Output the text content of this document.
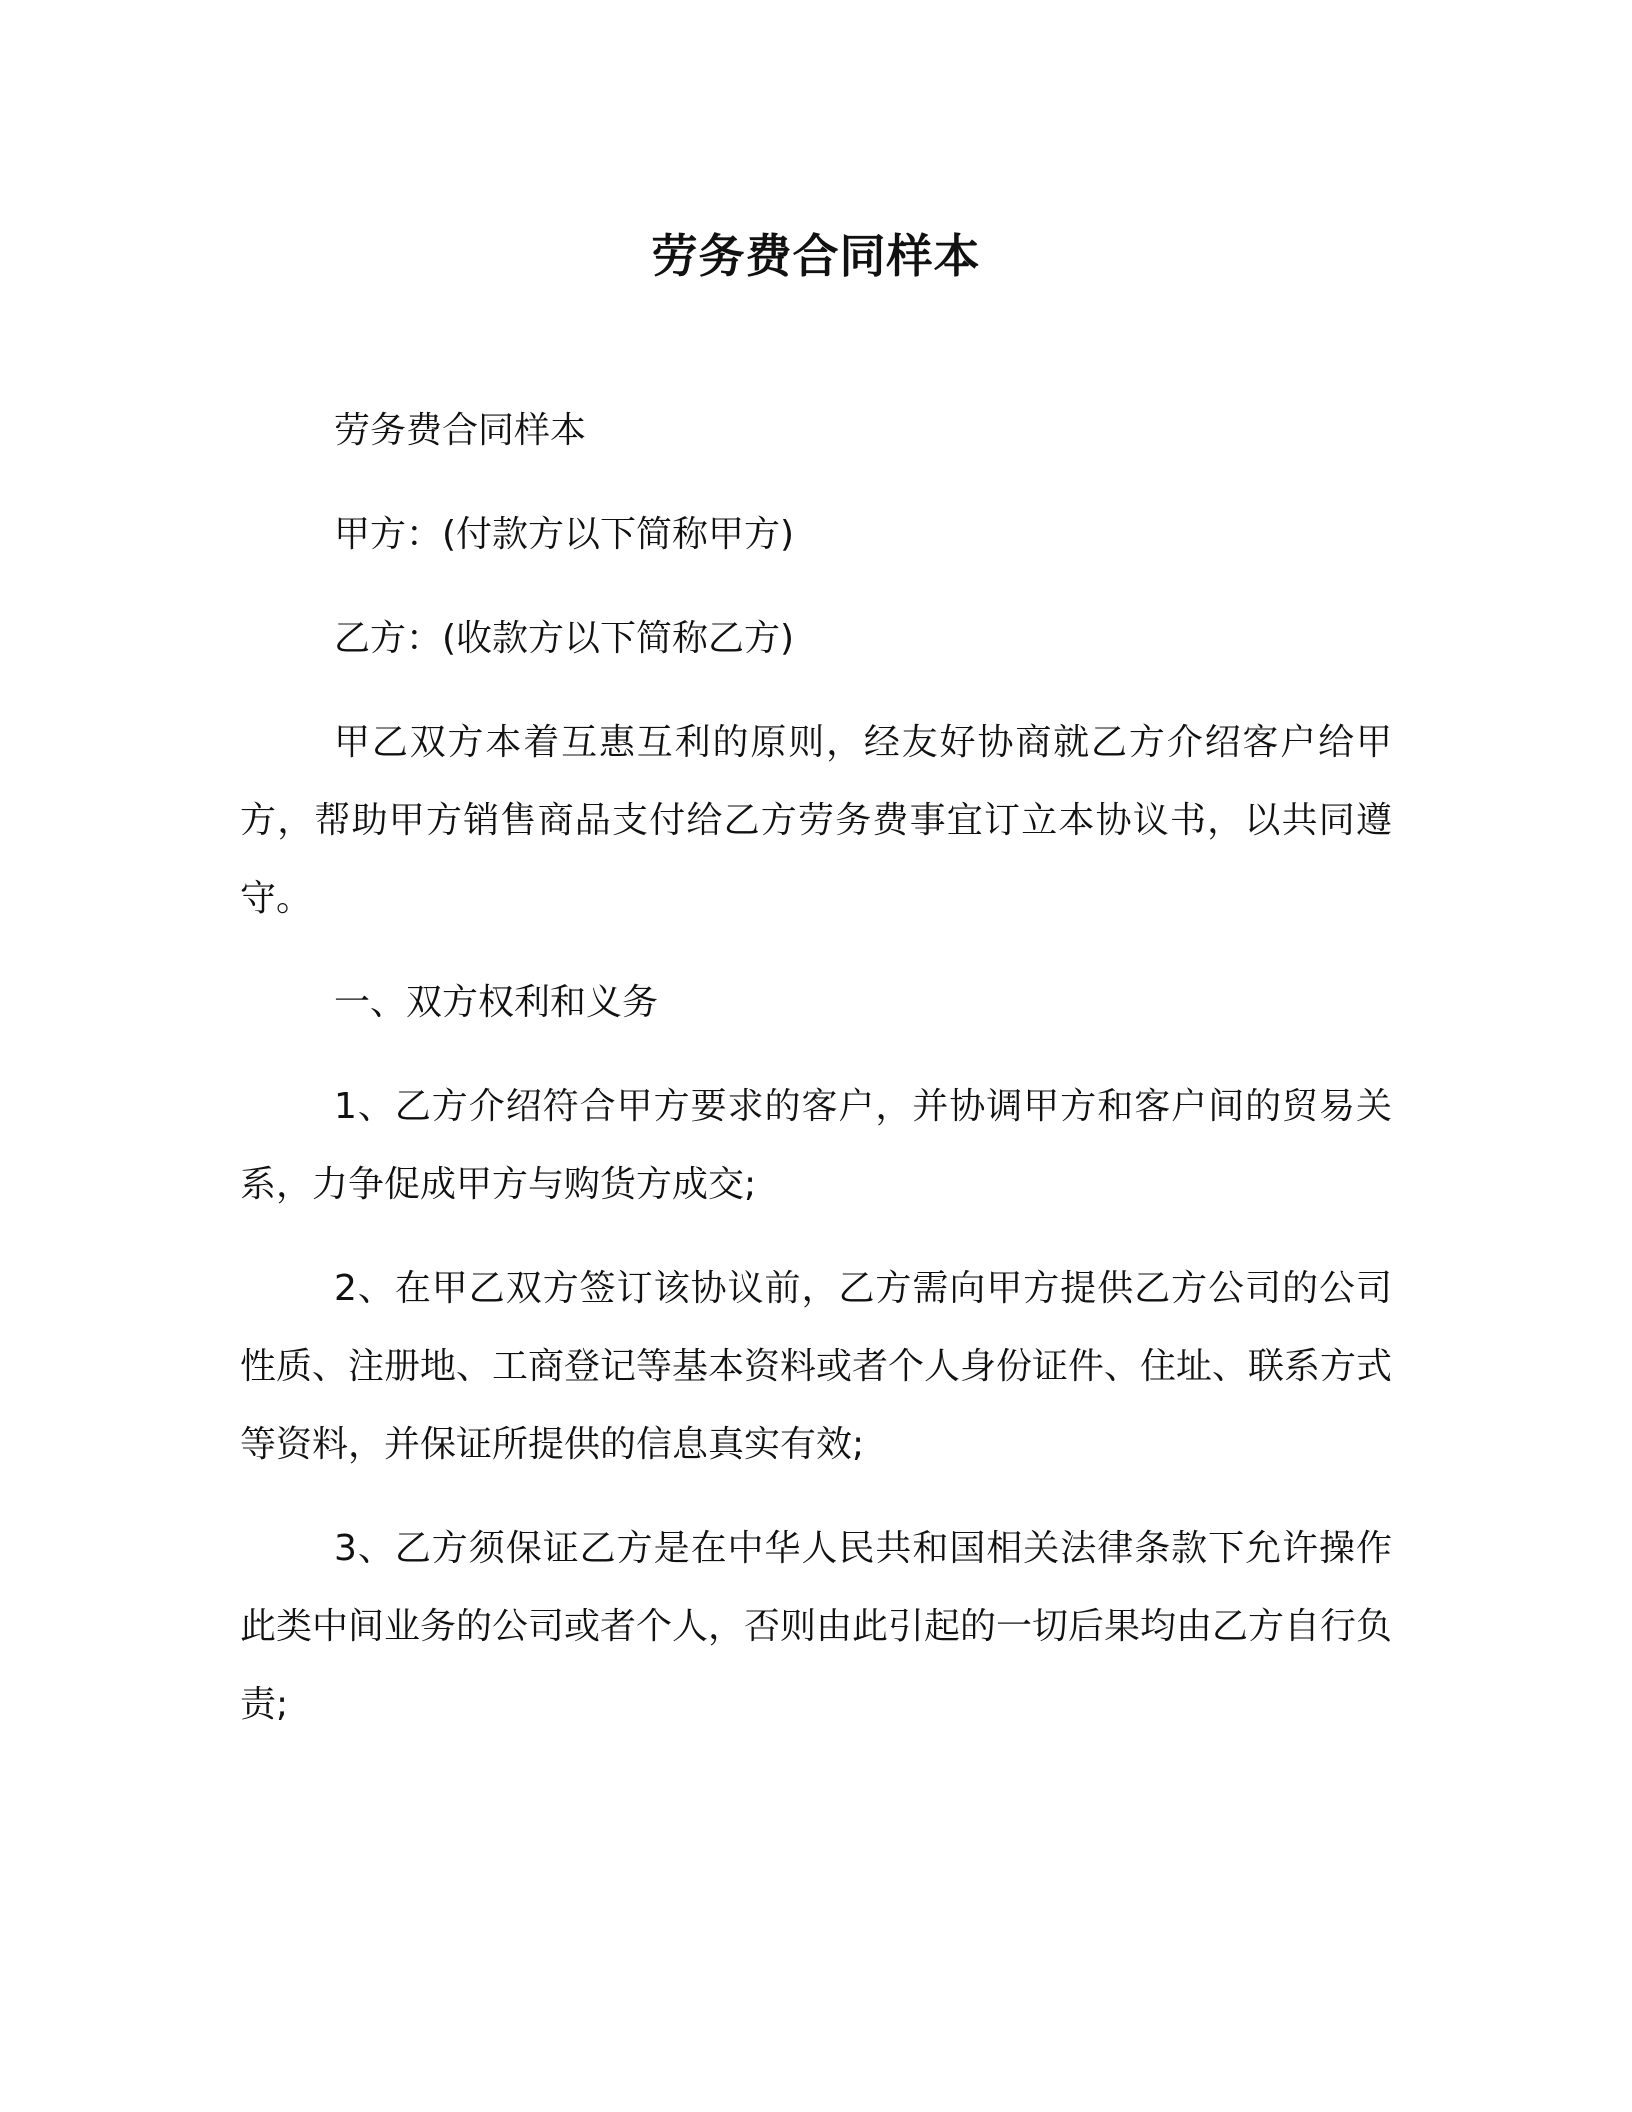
劳务费合同样本

劳务费合同样本

甲方：(付款方以下简称甲方)

乙方：(收款方以下简称乙方)

甲乙双方本着互惠互利的原则，经友好协商就乙方介绍客户给甲方，帮助甲方销售商品支付给乙方劳务费事宜订立本协议书，以共同遵守。

一、双方权利和义务

1、乙方介绍符合甲方要求的客户，并协调甲方和客户间的贸易关系，力争促成甲方与购货方成交;

2、在甲乙双方签订该协议前，乙方需向甲方提供乙方公司的公司性质、注册地、工商登记等基本资料或者个人身份证件、住址、联系方式等资料，并保证所提供的信息真实有效;

3、乙方须保证乙方是在中华人民共和国相关法律条款下允许操作此类中间业务的公司或者个人，否则由此引起的一切后果均由乙方自行负责;
